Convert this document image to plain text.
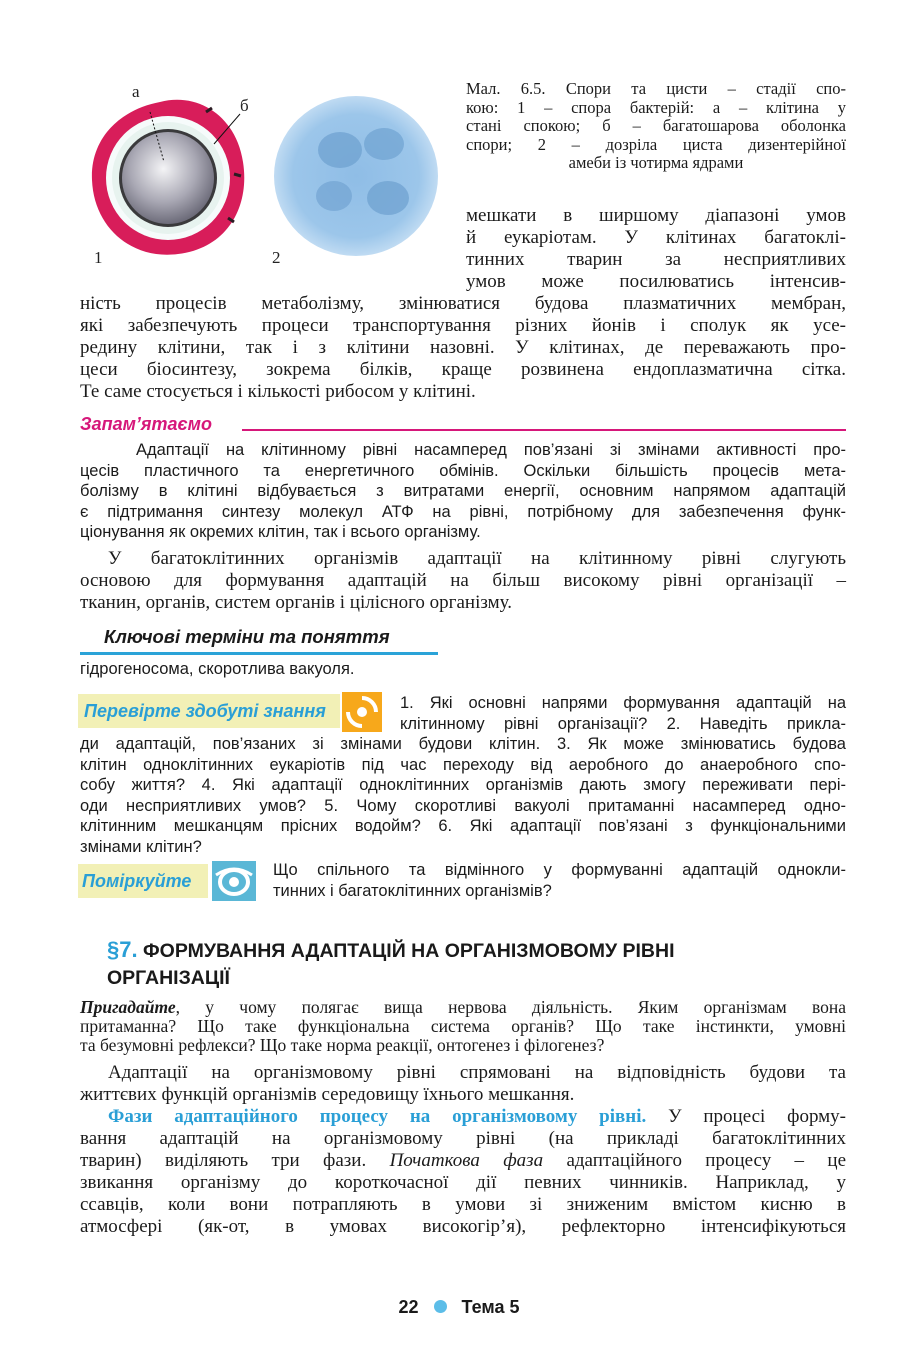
а
б
1	2
Мал. 6.5. Спори та цисти – стадії спо-
кою: 1 – спора бактерій: а – клітина у
стані спокою; б – багатошарова оболонка
спори; 2 – дозріла циста дизентерійної
амеби із чотирма ядрами
мешкати в ширшому діапазоні умов
й еукаріотам. У клітинах багатоклі-
тинних тварин за несприятливих
умов може посилюватись інтенсив-
ність процесів метаболізму, змінюватися будова плазматичних мембран,
які забезпечують процеси транспортування різних йонів і сполук як усе-
редину клітини, так і з клітини назовні. У клітинах, де переважають про-
цеси біосинтезу, зокрема білків, краще розвинена ендоплазматична сітка.
Те саме стосується і кількості рибосом у клітині.
Запам’ятаємо
Адаптації на клітинному рівні насамперед пов’язані зі змінами активності про-
цесів пластичного та енергетичного обмінів. Оскільки більшість процесів мета-
болізму в клітині відбувається з витратами енергії, основним напрямом адаптацій
є підтримання синтезу молекул АТФ на рівні, потрібному для забезпечення функ-
ціонування як окремих клітин, так і всього організму.
У багатоклітинних організмів адаптації на клітинному рівні слугують
основою для формування адаптацій на більш високому рівні організації –
тканин, органів, систем органів і цілісного організму.
Ключові терміни та поняття
гідрогеносома, скоротлива вакуоля.
Перевірте здобуті знання	1. Які основні напрями формування адаптацій на
клітинному рівні організації? 2. Наведіть прикла-
ди адаптацій, пов’язаних зі змінами будови клітин. 3. Як може змінюватись будова
клітин одноклітинних еукаріотів під час переходу від аеробного до анаеробного спо-
собу життя? 4. Які адаптації одноклітинних організмів дають змогу переживати пері-
оди несприятливих умов? 5. Чому скоротливі вакуолі притаманні насамперед одно-
клітинним мешканцям прісних водойм? 6. Які адаптації пов’язані з функціональними
змінами клітин?
Поміркуйте
Що спільного та відмінного у формуванні адаптацій однокли-
тинних і багатоклітинних організмів?
§7. ФОРМУВАННЯ АДАПТАЦІЙ НА ОРГАНІЗМОВОМУ РІВНІ
ОРГАНІЗАЦІЇ
Пригадайте, у чому полягає вища нервова діяльність. Яким організмам вона
притаманна? Що таке функціональна система органів? Що таке інстинкти, умовні
та безумовні рефлекси? Що таке норма реакції, онтогенез і філогенез?
Адаптації на організмовому рівні спрямовані на відповідність будови та
життєвих функцій організмів середовищу їхнього мешкання.
Фази адаптаційного процесу на організмовому рівні. У процесі форму-
вання адаптацій на організмовому рівні (на прикладі багатоклітинних
тварин) виділяють три фази. Початкова фаза адаптаційного процесу – це
звикання організму до короткочасної дії певних чинників. Наприклад, у
ссавців, коли вони потрапляють в умови зі зниженим вмістом кисню в
атмосфері (як-от, в умовах високогір’я), рефлекторно інтенсифікуються
22 Тема 5
